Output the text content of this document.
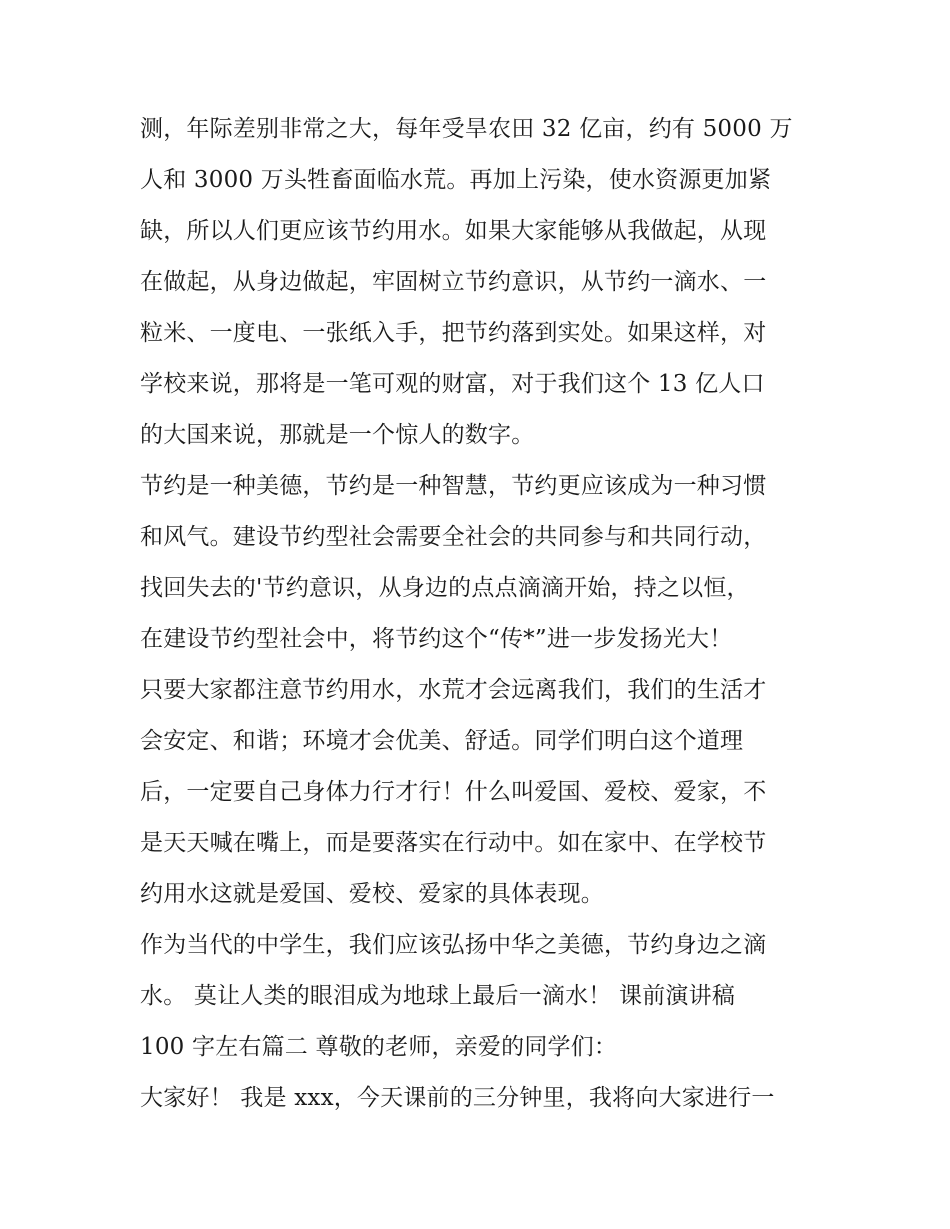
测，年际差别非常之大，每年受旱农田 32 亿亩，约有 5000 万
人和 3000 万头牲畜面临水荒。再加上污染，使水资源更加紧
缺，所以人们更应该节约用水。如果大家能够从我做起，从现
在做起，从身边做起，牢固树立节约意识，从节约一滴水、一
粒米、一度电、一张纸入手，把节约落到实处。如果这样，对
学校来说，那将是一笔可观的财富，对于我们这个 13 亿人口
的大国来说，那就是一个惊人的数字。
节约是一种美德，节约是一种智慧，节约更应该成为一种习惯
和风气。建设节约型社会需要全社会的共同参与和共同行动，
找回失去的'节约意识，从身边的点点滴滴开始，持之以恒，
在建设节约型社会中，将节约这个“传*”进一步发扬光大！
只要大家都注意节约用水，水荒才会远离我们，我们的生活才
会安定、和谐；环境才会优美、舒适。同学们明白这个道理
后，一定要自己身体力行才行！什么叫爱国、爱校、爱家，不
是天天喊在嘴上，而是要落实在行动中。如在家中、在学校节
约用水这就是爱国、爱校、爱家的具体表现。
作为当代的中学生，我们应该弘扬中华之美德，节约身边之滴
水。 莫让人类的眼泪成为地球上最后一滴水！ 课前演讲稿
100 字左右篇二 尊敬的老师，亲爱的同学们：
大家好！ 我是 xxx，今天课前的三分钟里，我将向大家进行一
